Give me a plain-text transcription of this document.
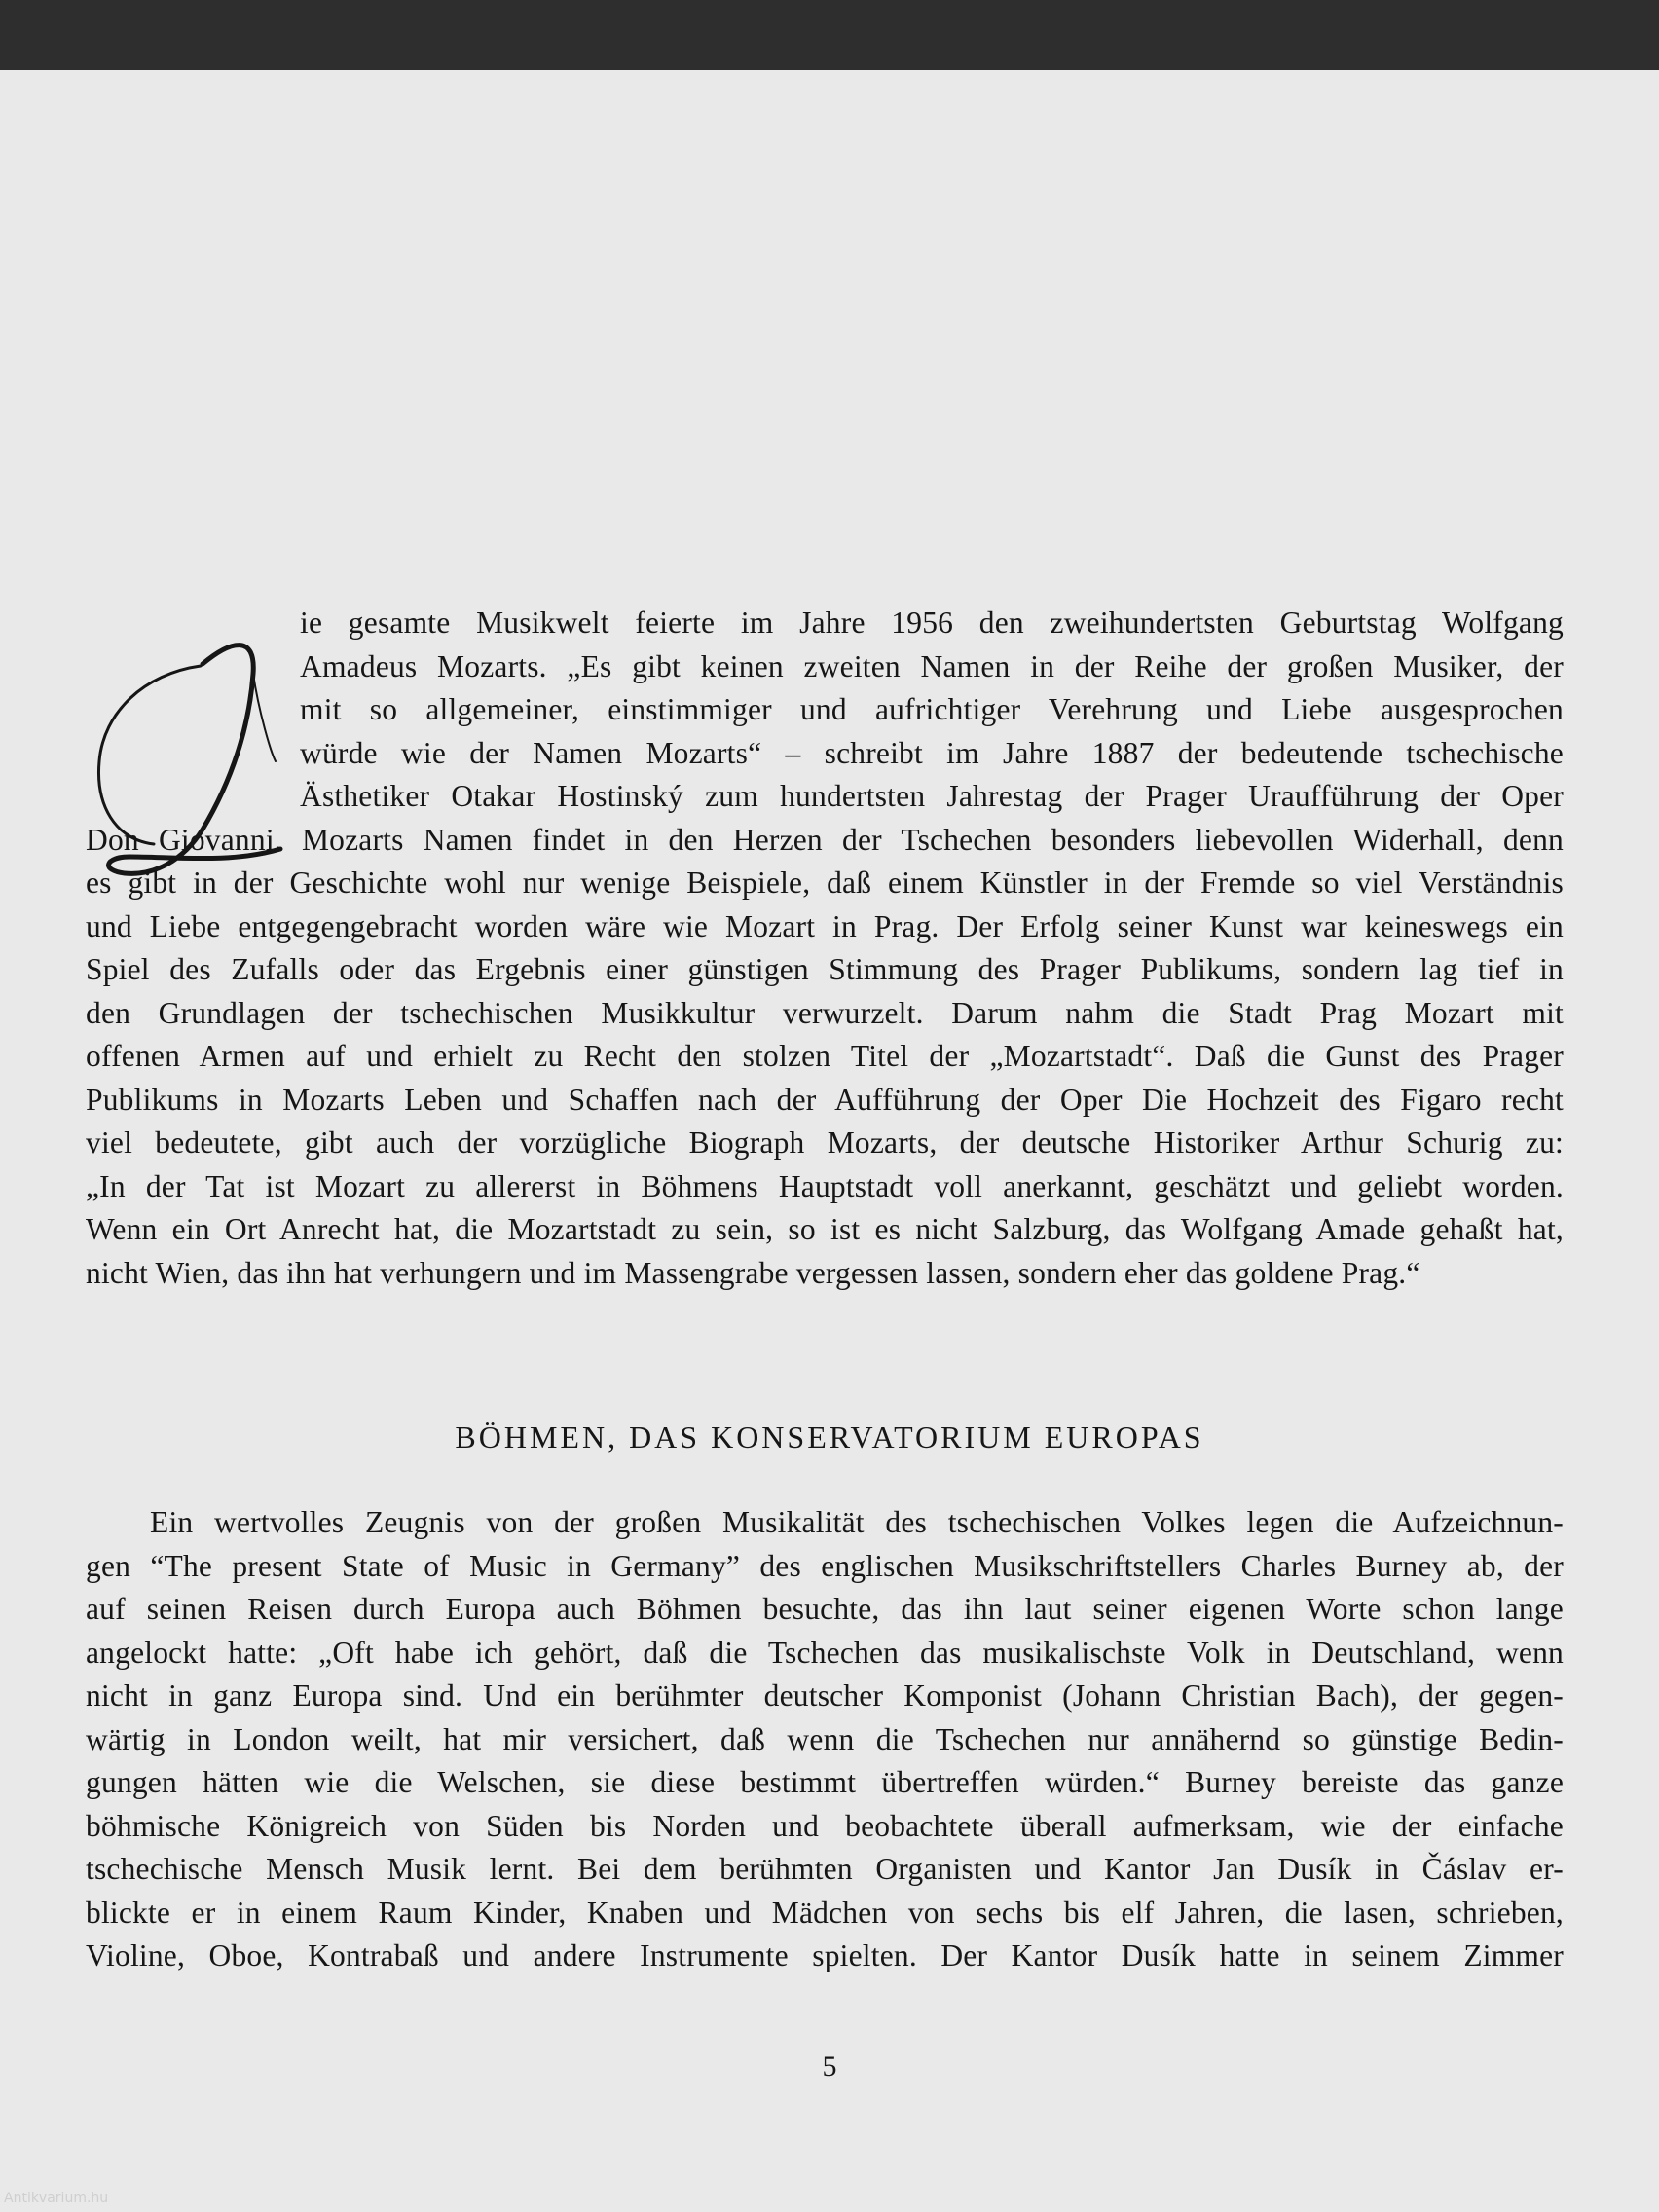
ie gesamte Musikwelt feierte im Jahre 1956 den zweihundertsten Geburtstag Wolfgang
Amadeus Mozarts. „Es gibt keinen zweiten Namen in der Reihe der großen Musiker, der
mit so allgemeiner, einstimmiger und aufrichtiger Verehrung und Liebe ausgesprochen
würde wie der Namen Mozarts“ – schreibt im Jahre 1887 der bedeutende tschechische
Ästhetiker Otakar Hostinský zum hundertsten Jahrestag der Prager Uraufführung der Oper
Don Giovanni. Mozarts Namen findet in den Herzen der Tschechen besonders liebevollen Widerhall, denn
es gibt in der Geschichte wohl nur wenige Beispiele, daß einem Künstler in der Fremde so viel Verständnis
und Liebe entgegengebracht worden wäre wie Mozart in Prag. Der Erfolg seiner Kunst war keineswegs ein
Spiel des Zufalls oder das Ergebnis einer günstigen Stimmung des Prager Publikums, sondern lag tief in
den Grundlagen der tschechischen Musikkultur verwurzelt. Darum nahm die Stadt Prag Mozart mit
offenen Armen auf und erhielt zu Recht den stolzen Titel der „Mozartstadt“. Daß die Gunst des Prager
Publikums in Mozarts Leben und Schaffen nach der Aufführung der Oper Die Hochzeit des Figaro recht
viel bedeutete, gibt auch der vorzügliche Biograph Mozarts, der deutsche Historiker Arthur Schurig zu:
„In der Tat ist Mozart zu allererst in Böhmens Hauptstadt voll anerkannt, geschätzt und geliebt worden.
Wenn ein Ort Anrecht hat, die Mozartstadt zu sein, so ist es nicht Salzburg, das Wolfgang Amade gehaßt hat,
nicht Wien, das ihn hat verhungern und im Massengrabe vergessen lassen, sondern eher das goldene Prag.“
BÖHMEN, DAS KONSERVATORIUM EUROPAS
Ein wertvolles Zeugnis von der großen Musikalität des tschechischen Volkes legen die Aufzeichnun-
gen “The present State of Music in Germany” des englischen Musikschriftstellers Charles Burney ab, der
auf seinen Reisen durch Europa auch Böhmen besuchte, das ihn laut seiner eigenen Worte schon lange
angelockt hatte: „Oft habe ich gehört, daß die Tschechen das musikalischste Volk in Deutschland, wenn
nicht in ganz Europa sind. Und ein berühmter deutscher Komponist (Johann Christian Bach), der gegen-
wärtig in London weilt, hat mir versichert, daß wenn die Tschechen nur annähernd so günstige Bedin-
gungen hätten wie die Welschen, sie diese bestimmt übertreffen würden.“ Burney bereiste das ganze
böhmische Königreich von Süden bis Norden und beobachtete überall aufmerksam, wie der einfache
tschechische Mensch Musik lernt. Bei dem berühmten Organisten und Kantor Jan Dusík in Čáslav er-
blickte er in einem Raum Kinder, Knaben und Mädchen von sechs bis elf Jahren, die lasen, schrieben,
Violine, Oboe, Kontrabaß und andere Instrumente spielten. Der Kantor Dusík hatte in seinem Zimmer
5
Antikvarium.hu
